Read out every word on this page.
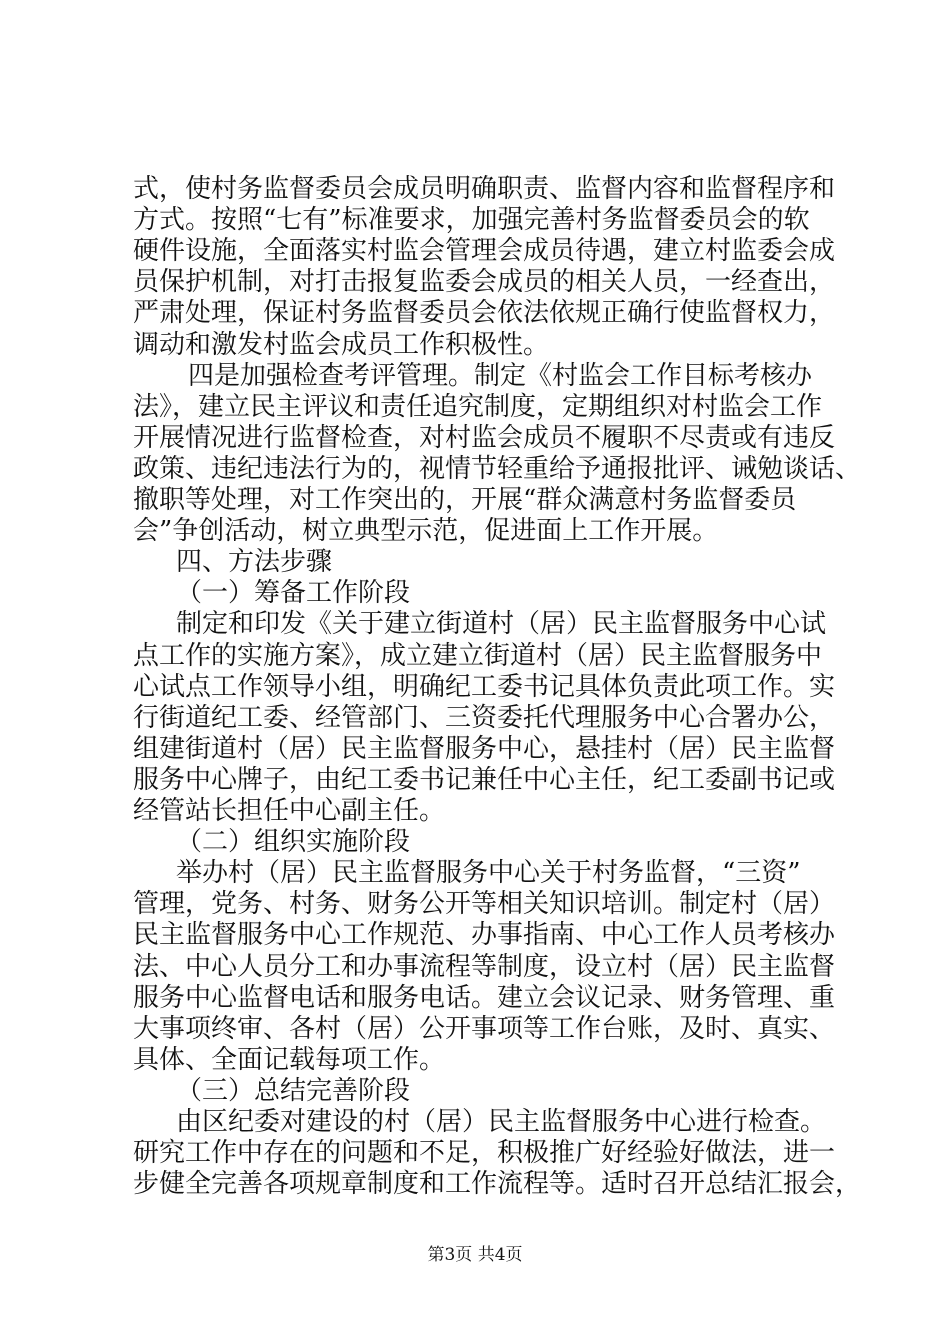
式，使村务监督委员会成员明确职责、监督内容和监督程序和
方式。按照“七有”标准要求，加强完善村务监督委员会的软
硬件设施，全面落实村监会管理会成员待遇，建立村监委会成
员保护机制，对打击报复监委会成员的相关人员，一经查出，
严肃处理，保证村务监督委员会依法依规正确行使监督权力，
调动和激发村监会成员工作积极性。
四是加强检查考评管理。制定《村监会工作目标考核办
法》，建立民主评议和责任追究制度，定期组织对村监会工作
开展情况进行监督检查，对村监会成员不履职不尽责或有违反
政策、违纪违法行为的，视情节轻重给予通报批评、诫勉谈话、
撤职等处理，对工作突出的，开展“群众满意村务监督委员
会”争创活动，树立典型示范，促进面上工作开展。
四、方法步骤
（一）筹备工作阶段
制定和印发《关于建立街道村（居）民主监督服务中心试
点工作的实施方案》，成立建立街道村（居）民主监督服务中
心试点工作领导小组，明确纪工委书记具体负责此项工作。实
行街道纪工委、经管部门、三资委托代理服务中心合署办公，
组建街道村（居）民主监督服务中心，悬挂村（居）民主监督
服务中心牌子，由纪工委书记兼任中心主任，纪工委副书记或
经管站长担任中心副主任。
（二）组织实施阶段
举办村（居）民主监督服务中心关于村务监督，“三资”
管理，党务、村务、财务公开等相关知识培训。制定村（居）
民主监督服务中心工作规范、办事指南、中心工作人员考核办
法、中心人员分工和办事流程等制度，设立村（居）民主监督
服务中心监督电话和服务电话。建立会议记录、财务管理、重
大事项终审、各村（居）公开事项等工作台账，及时、真实、
具体、全面记载每项工作。
（三）总结完善阶段
由区纪委对建设的村（居）民主监督服务中心进行检查。
研究工作中存在的问题和不足，积极推广好经验好做法，进一
步健全完善各项规章制度和工作流程等。适时召开总结汇报会，
第3页 共4页
